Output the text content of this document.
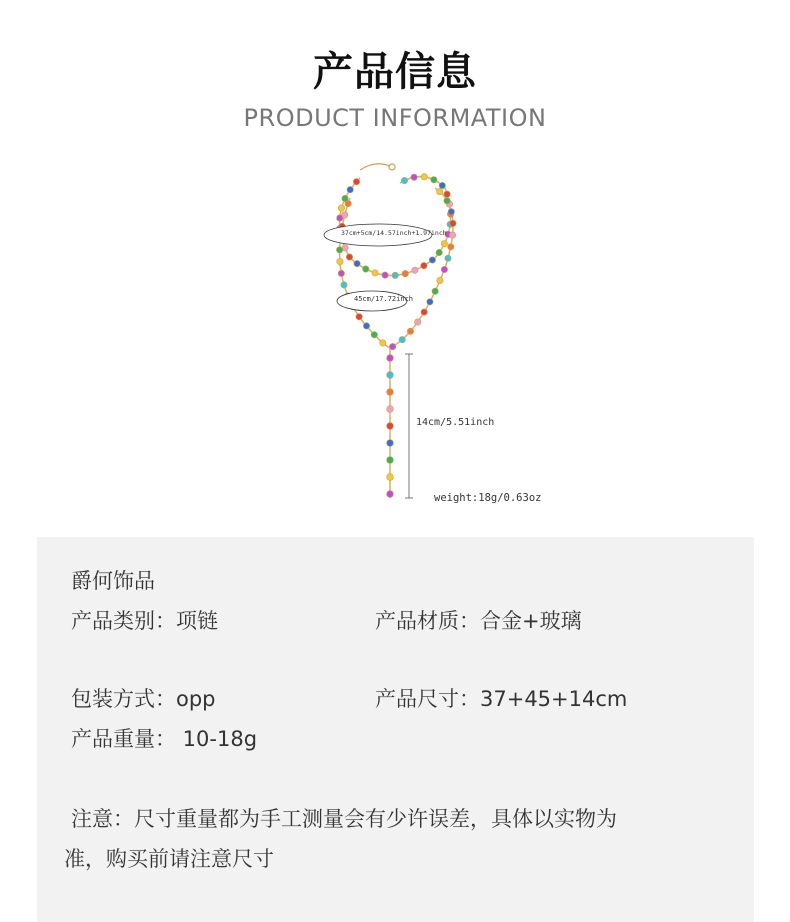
产品信息
PRODUCT INFORMATION
37cm+5cm/14.57inch+1.97inch
45cm/17.72inch
14cm/5.51inch
weight:18g/0.63oz
爵何饰品
产品类别：项链	产品材质：合金+玻璃
包装方式：opp	产品尺寸：37+45+14cm
产品重量： 10-18g
注意：尺寸重量都为手工测量会有少许误差，具体以实物为
准，购买前请注意尺寸
